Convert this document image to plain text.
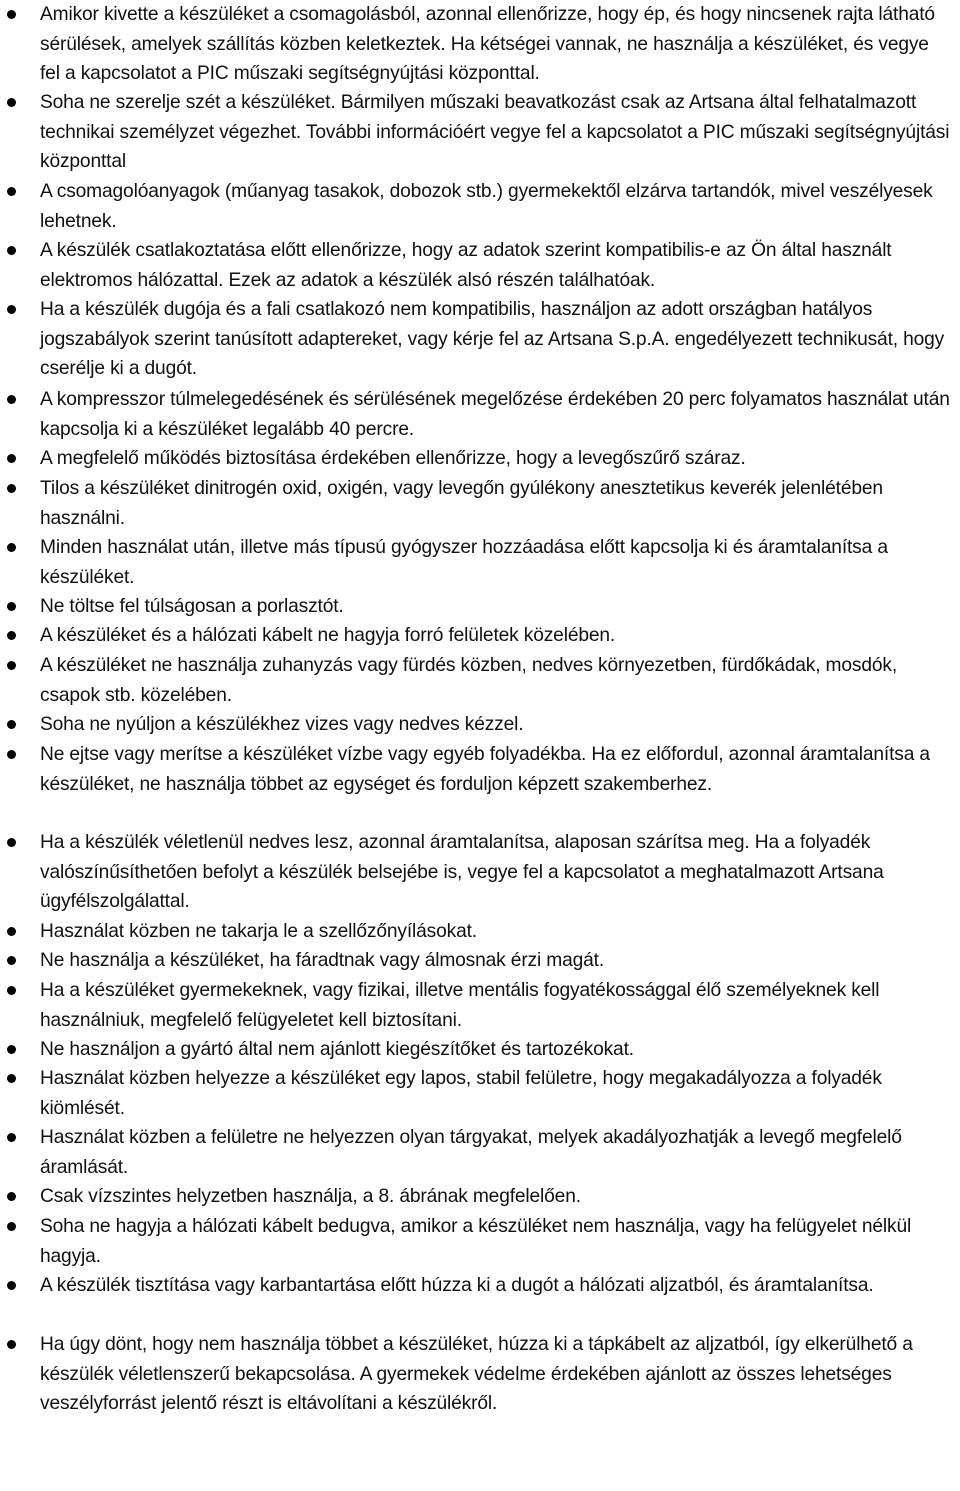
Amikor kivette a készüléket a csomagolásból, azonnal ellenőrizze, hogy ép, és hogy nincsenek rajta látható sérülések, amelyek szállítás közben keletkeztek. Ha kétségei vannak, ne használja a készüléket, és vegye fel a kapcsolatot a PIC műszaki segítségnyújtási központtal.
Soha ne szerelje szét a készüléket. Bármilyen műszaki beavatkozást csak az Artsana által felhatalmazott technikai személyzet végezhet. További információért vegye fel a kapcsolatot a PIC műszaki segítségnyújtási központtal
A csomagolóanyagok (műanyag tasakok, dobozok stb.) gyermekektől elzárva tartandók, mivel veszélyesek lehetnek.
A készülék csatlakoztatása előtt ellenőrizze, hogy az adatok szerint kompatibilis-e az Ön által használt elektromos hálózattal. Ezek az adatok a készülék alsó részén találhatóak.
Ha a készülék dugója és a fali csatlakozó nem kompatibilis, használjon az adott országban hatályos jogszabályok szerint tanúsított adaptereket, vagy kérje fel az Artsana S.p.A. engedélyezett technikusát, hogy cserélje ki a dugót.
A kompresszor túlmelegedésének és sérülésének megelőzése érdekében 20 perc folyamatos használat után kapcsolja ki a készüléket legalább 40 percre.
A megfelelő működés biztosítása érdekében ellenőrizze, hogy a levegőszűrő száraz.
Tilos a készüléket dinitrogén oxid, oxigén, vagy levegőn gyúlékony anesztetikus keverék jelenlétében használni.
Minden használat után, illetve más típusú gyógyszer hozzáadása előtt kapcsolja ki és áramtalanítsa a készüléket.
Ne töltse fel túlságosan a porlasztót.
A készüléket és a hálózati kábelt ne hagyja forró felületek közelében.
A készüléket ne használja zuhanyzás vagy fürdés közben, nedves környezetben, fürdőkádak, mosdók, csapok stb. közelében.
Soha ne nyúljon a készülékhez vizes vagy nedves kézzel.
Ne ejtse vagy merítse a készüléket vízbe vagy egyéb folyadékba. Ha ez előfordul, azonnal áramtalanítsa a készüléket, ne használja többet az egységet és forduljon képzett szakemberhez.
Ha a készülék véletlenül nedves lesz, azonnal áramtalanítsa, alaposan szárítsa meg. Ha a folyadék valószínűsíthetően befolyt a készülék belsejébe is, vegye fel a kapcsolatot a meghatalmazott Artsana ügyfélszolgálattal.
Használat közben ne takarja le a szellőzőnyílásokat.
Ne használja a készüléket, ha fáradtnak vagy álmosnak érzi magát.
Ha a készüléket gyermekeknek, vagy fizikai, illetve mentális fogyatékossággal élő személyeknek kell használniuk, megfelelő felügyeletet kell biztosítani.
Ne használjon a gyártó által nem ajánlott kiegészítőket és tartozékokat.
Használat közben helyezze a készüléket egy lapos, stabil felületre, hogy megakadályozza a folyadék kiömlését.
Használat közben a felületre ne helyezzen olyan tárgyakat, melyek akadályozhatják a levegő megfelelő áramlását.
Csak vízszintes helyzetben használja, a 8. ábrának megfelelően.
Soha ne hagyja a hálózati kábelt bedugva, amikor a készüléket nem használja, vagy ha felügyelet nélkül hagyja.
A készülék tisztítása vagy karbantartása előtt húzza ki a dugót a hálózati aljzatból, és áramtalanítsa.
Ha úgy dönt, hogy nem használja többet a készüléket, húzza ki a tápkábelt az aljzatból, így elkerülhető a készülék véletlenszerű bekapcsolása. A gyermekek védelme érdekében ajánlott az összes lehetséges veszélyforrást jelentő részt is eltávolítani a készülékről.
